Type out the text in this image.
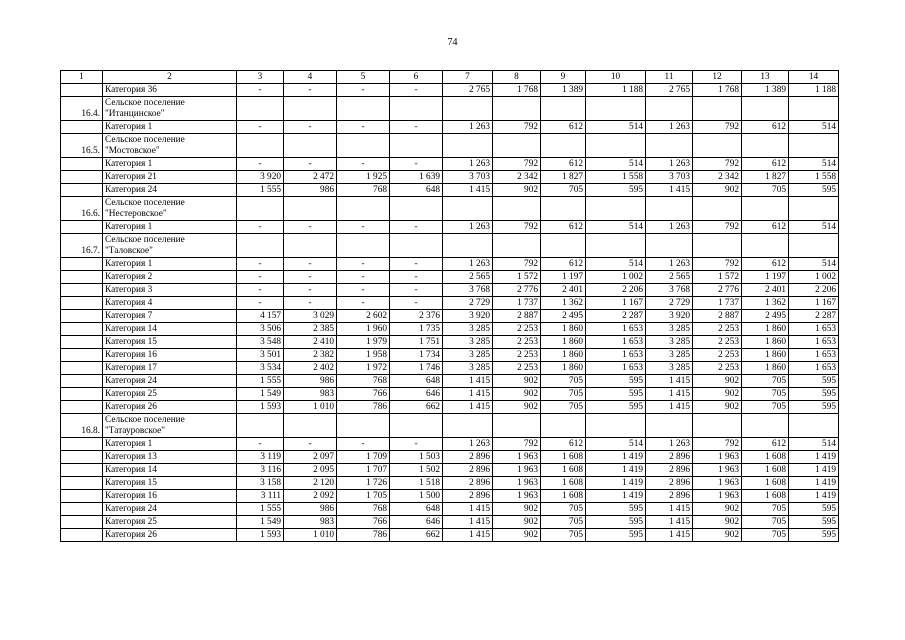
74
1	2	3	4	5	6	7	8	9	10	11	12	13	14
	Категория 36	-	-	-	-	2 765	1 768	1 389	1 188	2 765	1 768	1 389	1 188
16.4.	Сельское поселение "Итанцинское"												
	Категория 1	-	-	-	-	1 263	792	612	514	1 263	792	612	514
16.5.	Сельское поселение "Мостовское"												
	Категория 1	-	-	-	-	1 263	792	612	514	1 263	792	612	514
	Категория 21	3 920	2 472	1 925	1 639	3 703	2 342	1 827	1 558	3 703	2 342	1 827	1 558
	Категория 24	1 555	986	768	648	1 415	902	705	595	1 415	902	705	595
16.6.	Сельское поселение "Нестеровское"												
	Категория 1	-	-	-	-	1 263	792	612	514	1 263	792	612	514
16.7.	Сельское поселение "Таловское"												
	Категория 1	-	-	-	-	1 263	792	612	514	1 263	792	612	514
	Категория 2	-	-	-	-	2 565	1 572	1 197	1 002	2 565	1 572	1 197	1 002
	Категория 3	-	-	-	-	3 768	2 776	2 401	2 206	3 768	2 776	2 401	2 206
	Категория 4	-	-	-	-	2 729	1 737	1 362	1 167	2 729	1 737	1 362	1 167
	Категория 7	4 157	3 029	2 602	2 376	3 920	2 887	2 495	2 287	3 920	2 887	2 495	2 287
	Категория 14	3 506	2 385	1 960	1 735	3 285	2 253	1 860	1 653	3 285	2 253	1 860	1 653
	Категория 15	3 548	2 410	1 979	1 751	3 285	2 253	1 860	1 653	3 285	2 253	1 860	1 653
	Категория 16	3 501	2 382	1 958	1 734	3 285	2 253	1 860	1 653	3 285	2 253	1 860	1 653
	Категория 17	3 534	2 402	1 972	1 746	3 285	2 253	1 860	1 653	3 285	2 253	1 860	1 653
	Категория 24	1 555	986	768	648	1 415	902	705	595	1 415	902	705	595
	Категория 25	1 549	983	766	646	1 415	902	705	595	1 415	902	705	595
	Категория 26	1 593	1 010	786	662	1 415	902	705	595	1 415	902	705	595
16.8.	Сельское поселение "Татауровское"												
	Категория 1	-	-	-	-	1 263	792	612	514	1 263	792	612	514
	Категория 13	3 119	2 097	1 709	1 503	2 896	1 963	1 608	1 419	2 896	1 963	1 608	1 419
	Категория 14	3 116	2 095	1 707	1 502	2 896	1 963	1 608	1 419	2 896	1 963	1 608	1 419
	Категория 15	3 158	2 120	1 726	1 518	2 896	1 963	1 608	1 419	2 896	1 963	1 608	1 419
	Категория 16	3 111	2 092	1 705	1 500	2 896	1 963	1 608	1 419	2 896	1 963	1 608	1 419
	Категория 24	1 555	986	768	648	1 415	902	705	595	1 415	902	705	595
	Категория 25	1 549	983	766	646	1 415	902	705	595	1 415	902	705	595
	Категория 26	1 593	1 010	786	662	1 415	902	705	595	1 415	902	705	595
